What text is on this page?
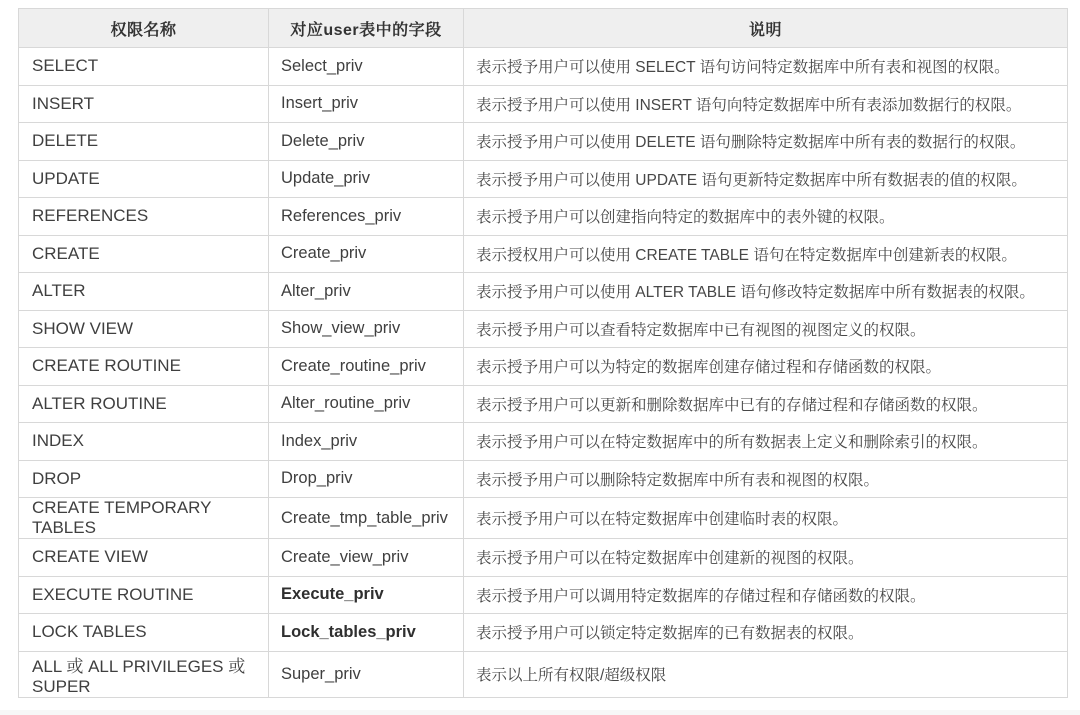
权限名称	对应user表中的字段	说明
SELECT	Select_priv	表示授予用户可以使用 SELECT 语句访问特定数据库中所有表和视图的权限。
INSERT	Insert_priv	表示授予用户可以使用 INSERT 语句向特定数据库中所有表添加数据行的权限。
DELETE	Delete_priv	表示授予用户可以使用 DELETE 语句删除特定数据库中所有表的数据行的权限。
UPDATE	Update_priv	表示授予用户可以使用 UPDATE 语句更新特定数据库中所有数据表的值的权限。
REFERENCES	References_priv	表示授予用户可以创建指向特定的数据库中的表外键的权限。
CREATE	Create_priv	表示授权用户可以使用 CREATE TABLE 语句在特定数据库中创建新表的权限。
ALTER	Alter_priv	表示授予用户可以使用 ALTER TABLE 语句修改特定数据库中所有数据表的权限。
SHOW VIEW	Show_view_priv	表示授予用户可以查看特定数据库中已有视图的视图定义的权限。
CREATE ROUTINE	Create_routine_priv	表示授予用户可以为特定的数据库创建存储过程和存储函数的权限。
ALTER ROUTINE	Alter_routine_priv	表示授予用户可以更新和删除数据库中已有的存储过程和存储函数的权限。
INDEX	Index_priv	表示授予用户可以在特定数据库中的所有数据表上定义和删除索引的权限。
DROP	Drop_priv	表示授予用户可以删除特定数据库中所有表和视图的权限。
CREATE TEMPORARY TABLES	Create_tmp_table_priv	表示授予用户可以在特定数据库中创建临时表的权限。
CREATE VIEW	Create_view_priv	表示授予用户可以在特定数据库中创建新的视图的权限。
EXECUTE ROUTINE	Execute_priv	表示授予用户可以调用特定数据库的存储过程和存储函数的权限。
LOCK TABLES	Lock_tables_priv	表示授予用户可以锁定特定数据库的已有数据表的权限。
ALL 或 ALL PRIVILEGES 或 SUPER	Super_priv	表示以上所有权限/超级权限
